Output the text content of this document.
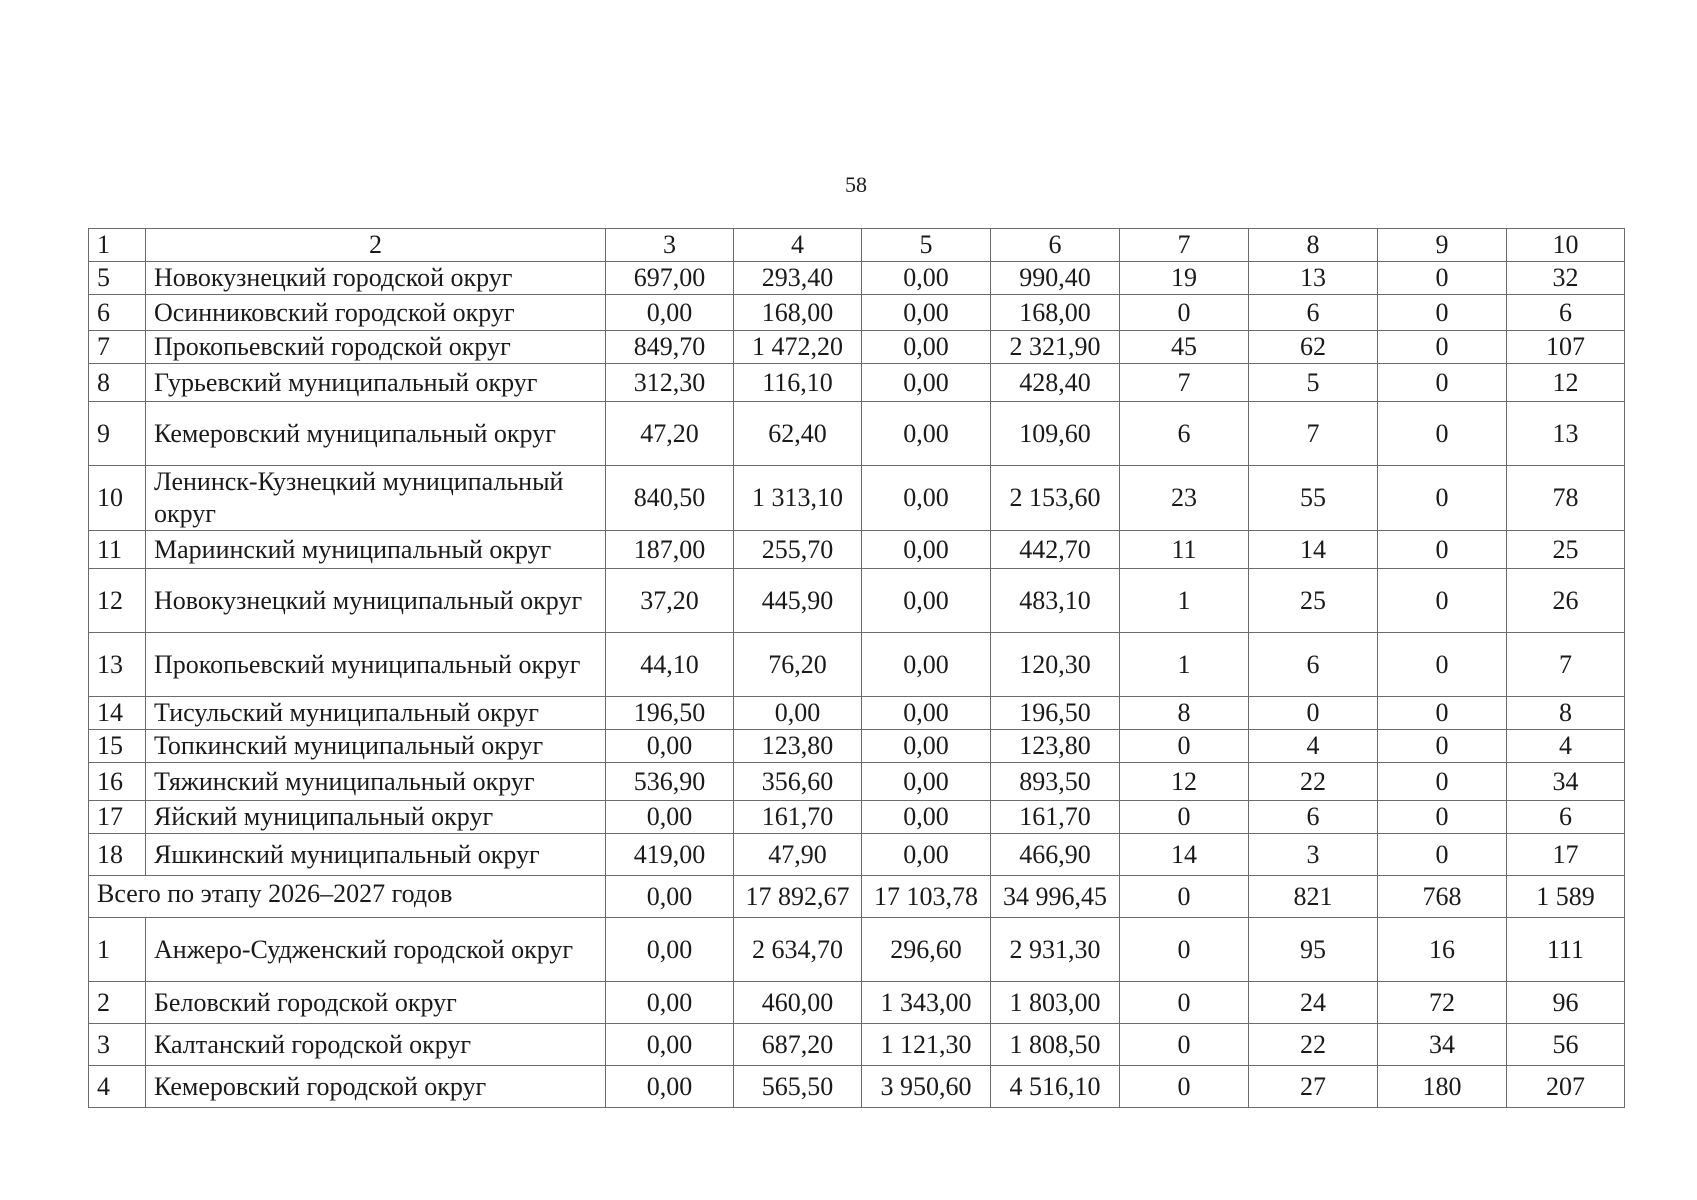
58
1	2	3	4	5	6	7	8	9	10
5	Новокузнецкий городской округ	697,00	293,40	0,00	990,40	19	13	0	32
6	Осинниковский городской округ	0,00	168,00	0,00	168,00	0	6	0	6
7	Прокопьевский городской округ	849,70	1 472,20	0,00	2 321,90	45	62	0	107
8	Гурьевский муниципальный округ	312,30	116,10	0,00	428,40	7	5	0	12
9	Кемеровский муниципальный округ	47,20	62,40	0,00	109,60	6	7	0	13
10	Ленинск-Кузнецкий муниципальный округ	840,50	1 313,10	0,00	2 153,60	23	55	0	78
11	Мариинский муниципальный округ	187,00	255,70	0,00	442,70	11	14	0	25
12	Новокузнецкий муниципальный округ	37,20	445,90	0,00	483,10	1	25	0	26
13	Прокопьевский муниципальный округ	44,10	76,20	0,00	120,30	1	6	0	7
14	Тисульский муниципальный округ	196,50	0,00	0,00	196,50	8	0	0	8
15	Топкинский муниципальный округ	0,00	123,80	0,00	123,80	0	4	0	4
16	Тяжинский муниципальный округ	536,90	356,60	0,00	893,50	12	22	0	34
17	Яйский муниципальный округ	0,00	161,70	0,00	161,70	0	6	0	6
18	Яшкинский муниципальный округ	419,00	47,90	0,00	466,90	14	3	0	17
Всего по этапу 2026–2027 годов		0,00	17 892,67	17 103,78	34 996,45	0	821	768	1 589
1	Анжеро-Судженский городской округ	0,00	2 634,70	296,60	2 931,30	0	95	16	111
2	Беловский городской округ	0,00	460,00	1 343,00	1 803,00	0	24	72	96
3	Калтанский городской округ	0,00	687,20	1 121,30	1 808,50	0	22	34	56
4	Кемеровский городской округ	0,00	565,50	3 950,60	4 516,10	0	27	180	207
